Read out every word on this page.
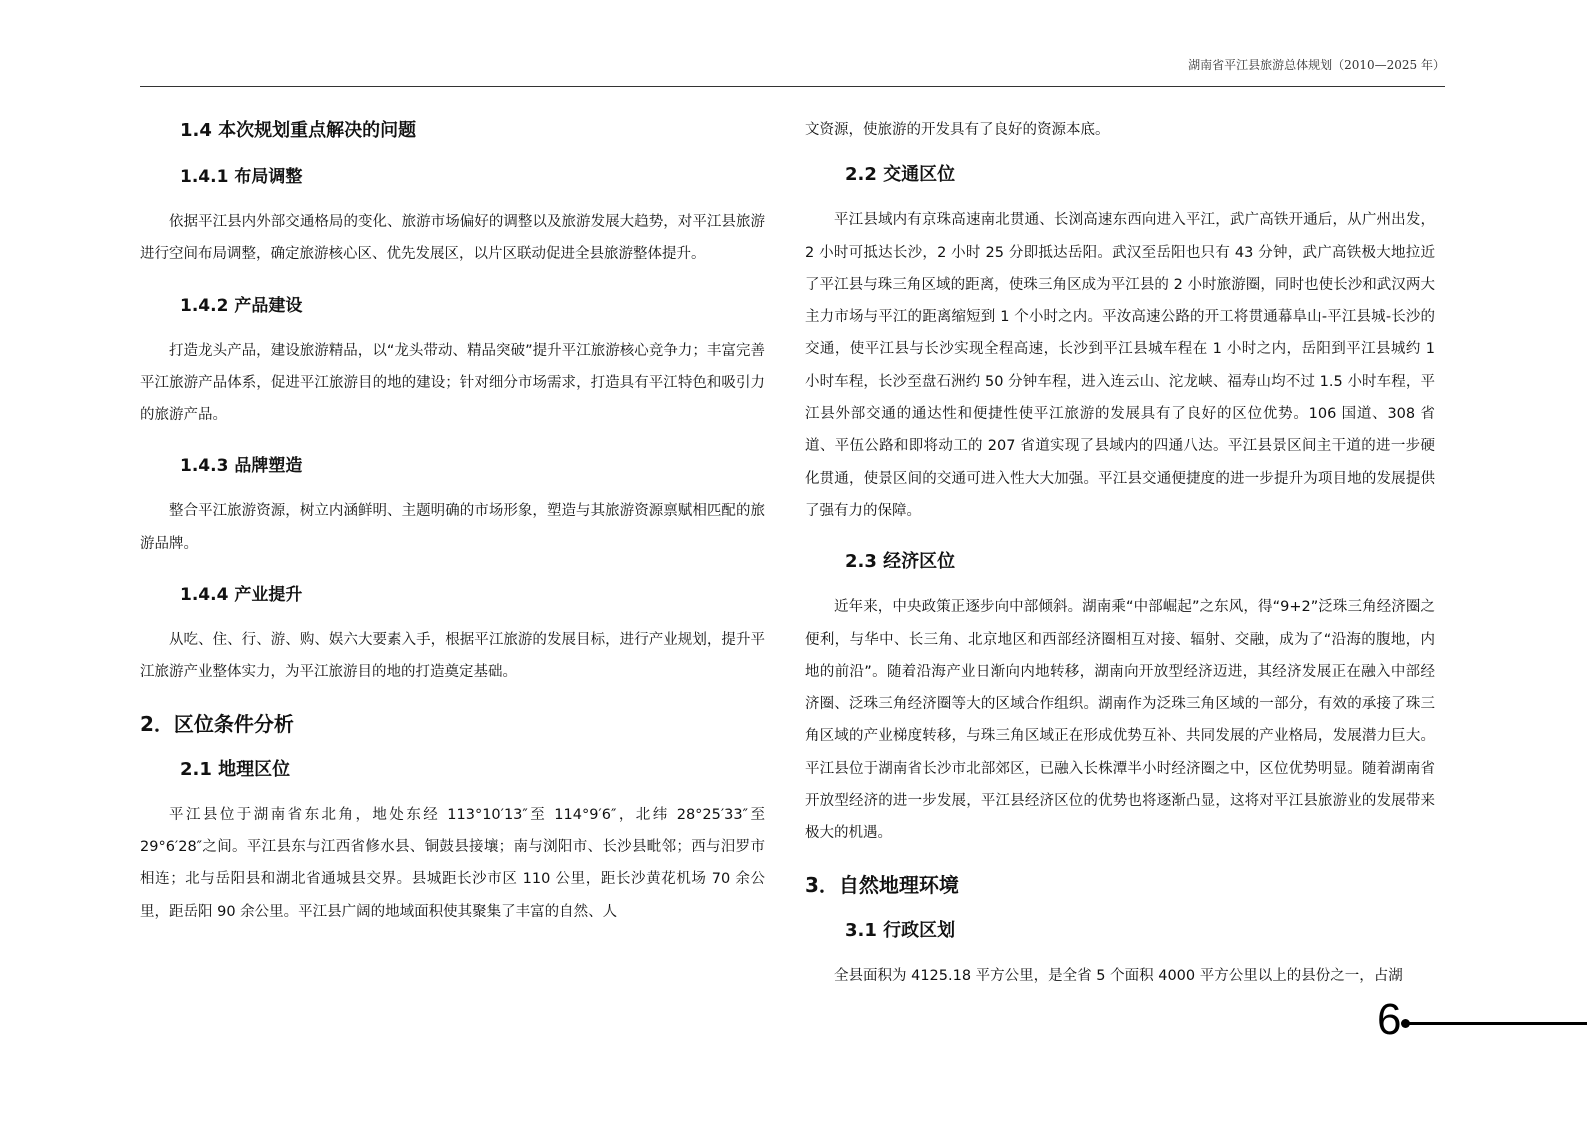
湖南省平江县旅游总体规划（2010—2025 年）
1.4 本次规划重点解决的问题
1.4.1 布局调整

依据平江县内外部交通格局的变化、旅游市场偏好的调整以及旅游发展大趋势，对平江县旅游进行空间布局调整，确定旅游核心区、优先发展区，以片区联动促进全县旅游整体提升。

1.4.2 产品建设

打造龙头产品，建设旅游精品，以“龙头带动、精品突破”提升平江旅游核心竞争力；丰富完善平江旅游产品体系，促进平江旅游目的地的建设；针对细分市场需求，打造具有平江特色和吸引力的旅游产品。

1.4.3 品牌塑造

整合平江旅游资源，树立内涵鲜明、主题明确的市场形象，塑造与其旅游资源禀赋相匹配的旅游品牌。

1.4.4 产业提升

从吃、住、行、游、购、娱六大要素入手，根据平江旅游的发展目标，进行产业规划，提升平江旅游产业整体实力，为平江旅游目的地的打造奠定基础。

2．区位条件分析
2.1 地理区位

平江县位于湖南省东北角，地处东经 113°10′13″至 114°9′6″，北纬 28°25′33″至 29°6′28″之间。平江县东与江西省修水县、铜鼓县接壤；南与浏阳市、长沙县毗邻；西与汨罗市相连；北与岳阳县和湖北省通城县交界。县城距长沙市区 110 公里，距长沙黄花机场 70 余公里，距岳阳 90 余公里。平江县广阔的地域面积使其聚集了丰富的自然、人

文资源，使旅游的开发具有了良好的资源本底。

2.2 交通区位

平江县域内有京珠高速南北贯通、长浏高速东西向进入平江，武广高铁开通后，从广州出发，2 小时可抵达长沙，2 小时 25 分即抵达岳阳。武汉至岳阳也只有 43 分钟，武广高铁极大地拉近了平江县与珠三角区域的距离，使珠三角区成为平江县的 2 小时旅游圈，同时也使长沙和武汉两大主力市场与平江的距离缩短到 1 个小时之内。平汝高速公路的开工将贯通幕阜山-平江县城-长沙的交通，使平江县与长沙实现全程高速，长沙到平江县城车程在 1 小时之内，岳阳到平江县城约 1 小时车程，长沙至盘石洲约 50 分钟车程，进入连云山、沱龙峡、福寿山均不过 1.5 小时车程，平江县外部交通的通达性和便捷性使平江旅游的发展具有了良好的区位优势。106 国道、308 省道、平伍公路和即将动工的 207 省道实现了县域内的四通八达。平江县景区间主干道的进一步硬化贯通，使景区间的交通可进入性大大加强。平江县交通便捷度的进一步提升为项目地的发展提供了强有力的保障。

2.3 经济区位

近年来，中央政策正逐步向中部倾斜。湖南乘“中部崛起”之东风，得“9+2”泛珠三角经济圈之便利，与华中、长三角、北京地区和西部经济圈相互对接、辐射、交融，成为了“沿海的腹地，内地的前沿”。随着沿海产业日渐向内地转移，湖南向开放型经济迈进，其经济发展正在融入中部经济圈、泛珠三角经济圈等大的区域合作组织。湖南作为泛珠三角区域的一部分，有效的承接了珠三角区域的产业梯度转移，与珠三角区域正在形成优势互补、共同发展的产业格局，发展潜力巨大。平江县位于湖南省长沙市北部郊区，已融入长株潭半小时经济圈之中，区位优势明显。随着湖南省开放型经济的进一步发展，平江县经济区位的优势也将逐渐凸显，这将对平江县旅游业的发展带来极大的机遇。

3．自然地理环境
3.1 行政区划

全县面积为 4125.18 平方公里，是全省 5 个面积 4000 平方公里以上的县份之一，占湖

6
